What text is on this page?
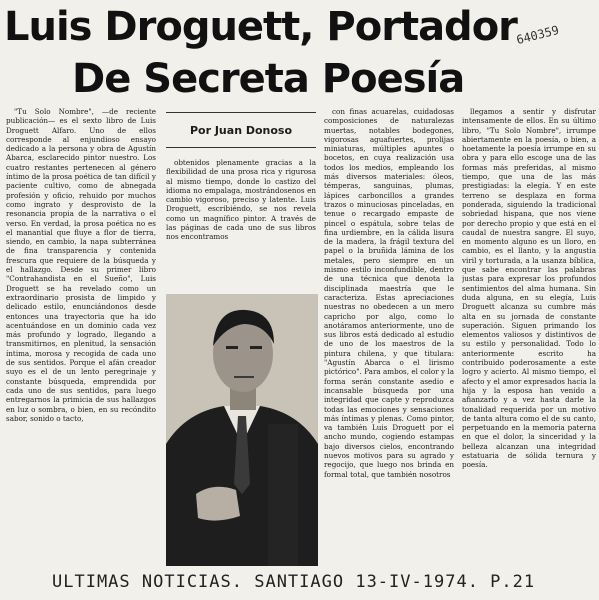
Luis Droguett, Portador
De Secreta Poesía
640359

"Tu Solo Nombre", —de reciente publicación— es el sexto libro de Luis Droguett Alfaro. Uno de ellos corresponde al enjundioso ensayo dedicado a la persona y obra de Agustín Abarca, esclarecido pintor nuestro. Los cuatro restantes pertenecen al género íntimo de la prosa poética de tan difícil y paciente cultivo, como de abnegada profesión y oficio, rehuido por muchos como ingrato y desprovisto de la resonancia propia de la narrativa o el verso. En verdad, la prosa poética no es el manantial que fluye a flor de tierra, siendo, en cambio, la napa subterránea de fina transparencia y contenida frescura que requiere de la búsqueda y el hallazgo. Desde su primer libro "Contrahandista en el Sueño", Luis Droguett se ha revelado como un extraordinario prosista de limpido y delicado estilo, enunciándonos desde entonces una trayectoria que ha ido acentuándose en un dominio cada vez más profundo y logrado, llegando a transmitirnos, en plenitud, la sensación íntima, morosa y recogida de cada uno de sus sentidos. Porque el afán creador suyo es el de un lento peregrinaje y constante búsqueda, emprendida por cada uno de sus sentidos, para luego entregarnos la primicia de sus hallazgos en luz o sombra, o bien, en su recóndito sabor, sonido o tacto,

Por Juan Donoso

obtenidos plenamente gracias a la flexibilidad de una prosa rica y rigurosa al mismo tiempo, donde lo castizo del idioma no empalaga, mostrándosenos en cambio vigoroso, preciso y latente. Luis Droguett, escribiéndo, se nos revela como un magnífico pintor. A través de las páginas de cada uno de sus libros nos encontramos

con finas acuarelas, cuidadosas composiciones de naturalezas muertas, notables bodegones, vigorosas aguafuertes, prolijas miniaturas, múltiples apuntes o bocetos, en cuya realización usa todos los medios, empleando los más diversos materiales: óleos, témperas, sanguinas, plumas, lápices carboncillos a grandes trazos o minuciosas pinceladas, en tenue o recargado empaste de pincel o espátula, sobre telas de fina urdiembre, en la cálida lisura de la madera, la frágil textura del papel o la bruñida lámina de los metales, pero siempre en un mismo estilo inconfundible, dentro de una técnica que denota la disciplinada maestría que le caracteriza. Estas apreciaciones nuestras no obedecen a un mero capricho por algo, como lo anotáramos anteriormente, uno de sus libros está dedicado al estudio de uno de los maestros de la pintura chilena, y que titulara: "Agustín Abarca o el lirismo pictórico". Para ambos, el color y la forma serán constante asedio e incansable búsqueda por una integridad que capte y reproduzca todas las emociones y sensaciones más íntimas y plenas. Como pintor, va también Luis Droguett por el ancho mundo, cogiendo estampas bajo diversos cielos, encontrando nuevos motivos para su agrado y regocijo, que luego nos brinda en formal total, que también nosotros

llegamos a sentir y disfrutar intensamente de ellos. En su último libro, "Tu Solo Nombre", irrumpe abiertamente en la poesía, o bien, a hoetamente la poesía irrumpe en su obra y para ello escoge una de las formas más preferidas, al mismo tiempo, que una de las más prestigiadas: la elegía. Y en este terreno se desplaza en forma ponderada, siguiendo la tradicional sobriedad hispana, que nos viene por derecho propio y que está en el caudal de nuestra sangre. El suyo, en momento alguno es un lloro, en cambio, es el llanto, y la angustia viril y torturada, a la usanza bíblica, que sabe encontrar las palabras justas para expresar los profundos sentimientos del alma humana. Sin duda alguna, en su elegía, Luis Droguett alcanza su cumbre más alta en su jornada de constante superación. Siguen primando los elementos valiosos y distintivos de su estilo y personalidad. Todo lo anteriormente escrito ha contribuido poderosamente a este logro y acierto. Al mismo tiempo, el afecto y el amor expresados hacia la hija y la esposa han venido a afianzarlo y a vez hasta darle la tonalidad requerida por un motivo de tanta altura como el de su canto, perpetuando en la memoria paterna en que el dolor, la sinceridad y la belleza alcanzan una integridad estatuaria de sólida ternura y poesía.

ULTIMAS NOTICIAS. SANTIAGO 13-IV-1974. P.21
